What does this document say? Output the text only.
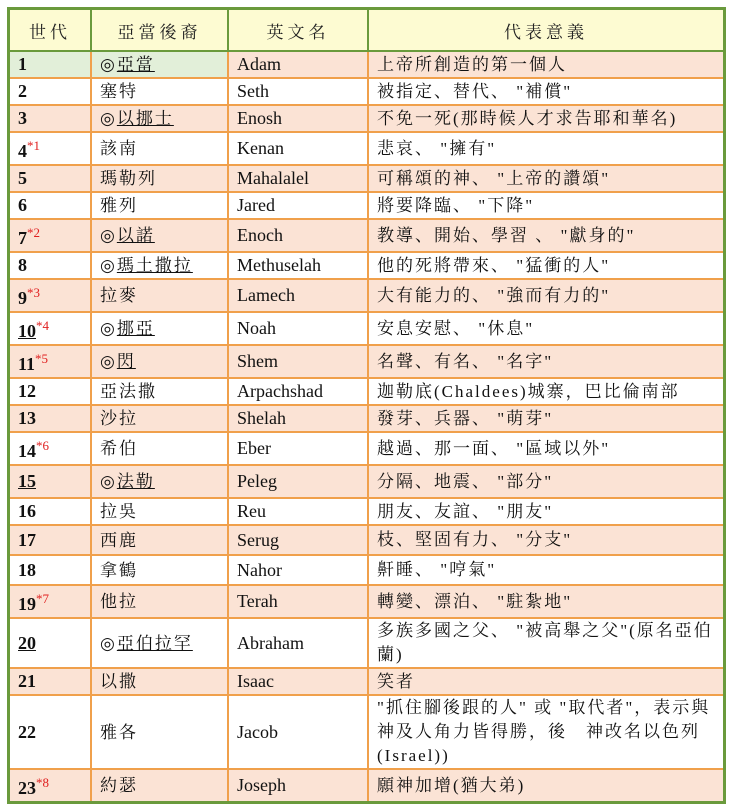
世代	亞當後裔	英文名	代表意義
1	◎亞當	Adam	上帝所創造的第一個人
2	塞特	Seth	被指定、替代、 "補償"
3	◎以挪士	Enosh	不免一死(那時候人才求告耶和華名)
4$^{*1}$	該南	Kenan	悲哀、 "擁有"
5	瑪勒列	Mahalalel	可稱頌的神、 "上帝的讚頌"
6	雅列	Jared	將要降臨、 "下降"
7$^{*2}$	◎以諾	Enoch	教導、開始、學習 、 "獻身的"
8	◎瑪土撒拉	Methuselah	他的死將帶來、 "猛衝的人"
9$^{*3}$	拉麥	Lamech	大有能力的、 "強而有力的"
10$^{*4}$	◎挪亞	Noah	安息安慰、 "休息"
11$^{*5}$	◎閃	Shem	名聲、有名、 "名字"
12	亞法撒	Arpachshad	迦勒底(Chaldees)城寨，巴比倫南部
13	沙拉	Shelah	發芽、兵器、 "萌芽"
14$^{*6}$	希伯	Eber	越過、那一面、 "區域以外"
15	◎法勒	Peleg	分隔、地震、 "部分"
16	拉吳	Reu	朋友、友誼、 "朋友"
17	西鹿	Serug	枝、堅固有力、 "分支"
18	拿鶴	Nahor	鼾睡、 "哼氣"
19$^{*7}$	他拉	Terah	轉變、漂泊、 "駐紮地"
20	◎亞伯拉罕	Abraham	多族多國之父、 "被高舉之父"(原名亞伯蘭)
21	以撒	Isaac	笑者
22	雅各	Jacob	"抓住腳後跟的人" 或 "取代者"，表示與神及人角力皆得勝，後　神改名以色列(Israel))
23$^{*8}$	約瑟	Joseph	願神加增(猶大弟)
